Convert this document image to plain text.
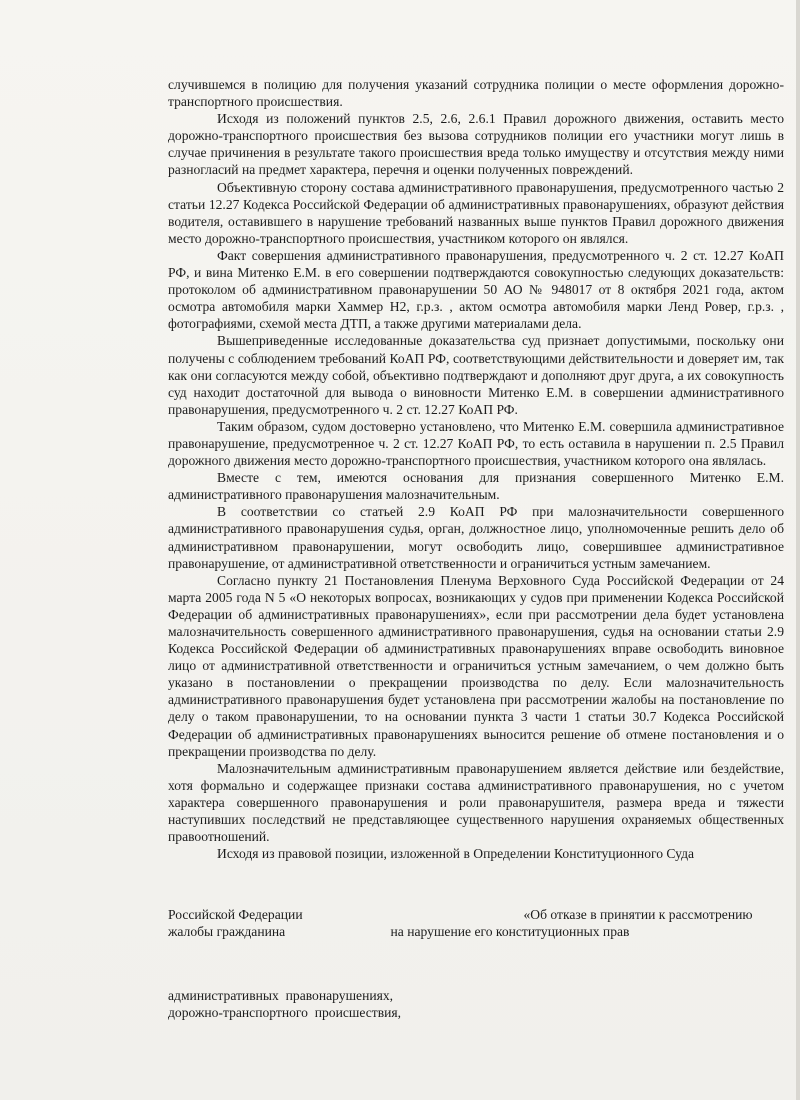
случившемся в полицию для получения указаний сотрудника полиции о месте оформления дорожно-транспортного происшествия.

Исходя из положений пунктов 2.5, 2.6, 2.6.1 Правил дорожного движения, оставить место дорожно-транспортного происшествия без вызова сотрудников полиции его участники могут лишь в случае причинения в результате такого происшествия вреда только имуществу и отсутствия между ними разногласий на предмет характера, перечня и оценки полученных повреждений.

Объективную сторону состава административного правонарушения, предусмотренного частью 2 статьи 12.27 Кодекса Российской Федерации об административных правонарушениях, образуют действия водителя, оставившего в нарушение требований названных выше пунктов Правил дорожного движения место дорожно-транспортного происшествия, участником которого он являлся.

Факт совершения административного правонарушения, предусмотренного ч. 2 ст. 12.27 КоАП РФ, и вина Митенко Е.М. в его совершении подтверждаются совокупностью следующих доказательств: протоколом об административном правонарушении 50 АО № 948017 от 8 октября 2021 года, актом осмотра автомобиля марки Хаммер Н2, г.р.з. , актом осмотра автомобиля марки Ленд Ровер, г.р.з. , фотографиями, схемой места ДТП, а также другими материалами дела.

Вышеприведенные исследованные доказательства суд признает допустимыми, поскольку они получены с соблюдением требований КоАП РФ, соответствующими действительности и доверяет им, так как они согласуются между собой, объективно подтверждают и дополняют друг друга, а их совокупность суд находит достаточной для вывода о виновности Митенко Е.М. в совершении административного правонарушения, предусмотренного ч. 2 ст. 12.27 КоАП РФ.

Таким образом, судом достоверно установлено, что Митенко Е.М. совершила административное правонарушение, предусмотренное ч. 2 ст. 12.27 КоАП РФ, то есть оставила в нарушении п. 2.5 Правил дорожного движения место дорожно-транспортного происшествия, участником которого она являлась.

Вместе с тем, имеются основания для признания совершенного Митенко Е.М. административного правонарушения малозначительным.

В соответствии со статьей 2.9 КоАП РФ при малозначительности совершенного административного правонарушения судья, орган, должностное лицо, уполномоченные решить дело об административном правонарушении, могут освободить лицо, совершившее административное правонарушение, от административной ответственности и ограничиться устным замечанием.

Согласно пункту 21 Постановления Пленума Верховного Суда Российской Федерации от 24 марта 2005 года N 5 «О некоторых вопросах, возникающих у судов при применении Кодекса Российской Федерации об административных правонарушениях», если при рассмотрении дела будет установлена малозначительность совершенного административного правонарушения, судья на основании статьи 2.9 Кодекса Российской Федерации об административных правонарушениях вправе освободить виновное лицо от административной ответственности и ограничиться устным замечанием, о чем должно быть указано в постановлении о прекращении производства по делу. Если малозначительность административного правонарушения будет установлена при рассмотрении жалобы на постановление по делу о таком правонарушении, то на основании пункта 3 части 1 статьи 30.7 Кодекса Российской Федерации об административных правонарушениях выносится решение об отмене постановления и о прекращении производства по делу.

Малозначительным административным правонарушением является действие или бездействие, хотя формально и содержащее признаки состава административного правонарушения, но с учетом характера совершенного правонарушения и роли правонарушителя, размера вреда и тяжести наступивших последствий не представляющее существенного нарушения охраняемых общественных правоотношений.

Исходя из правовой позиции, изложенной в Определении Конституционного Суда

Российской Федерации                                                                 «Об отказе в принятии к рассмотрению
жалобы гражданина                               на нарушение его конституционных прав
административных  правонарушениях,
дорожно-транспортного  происшествия,
